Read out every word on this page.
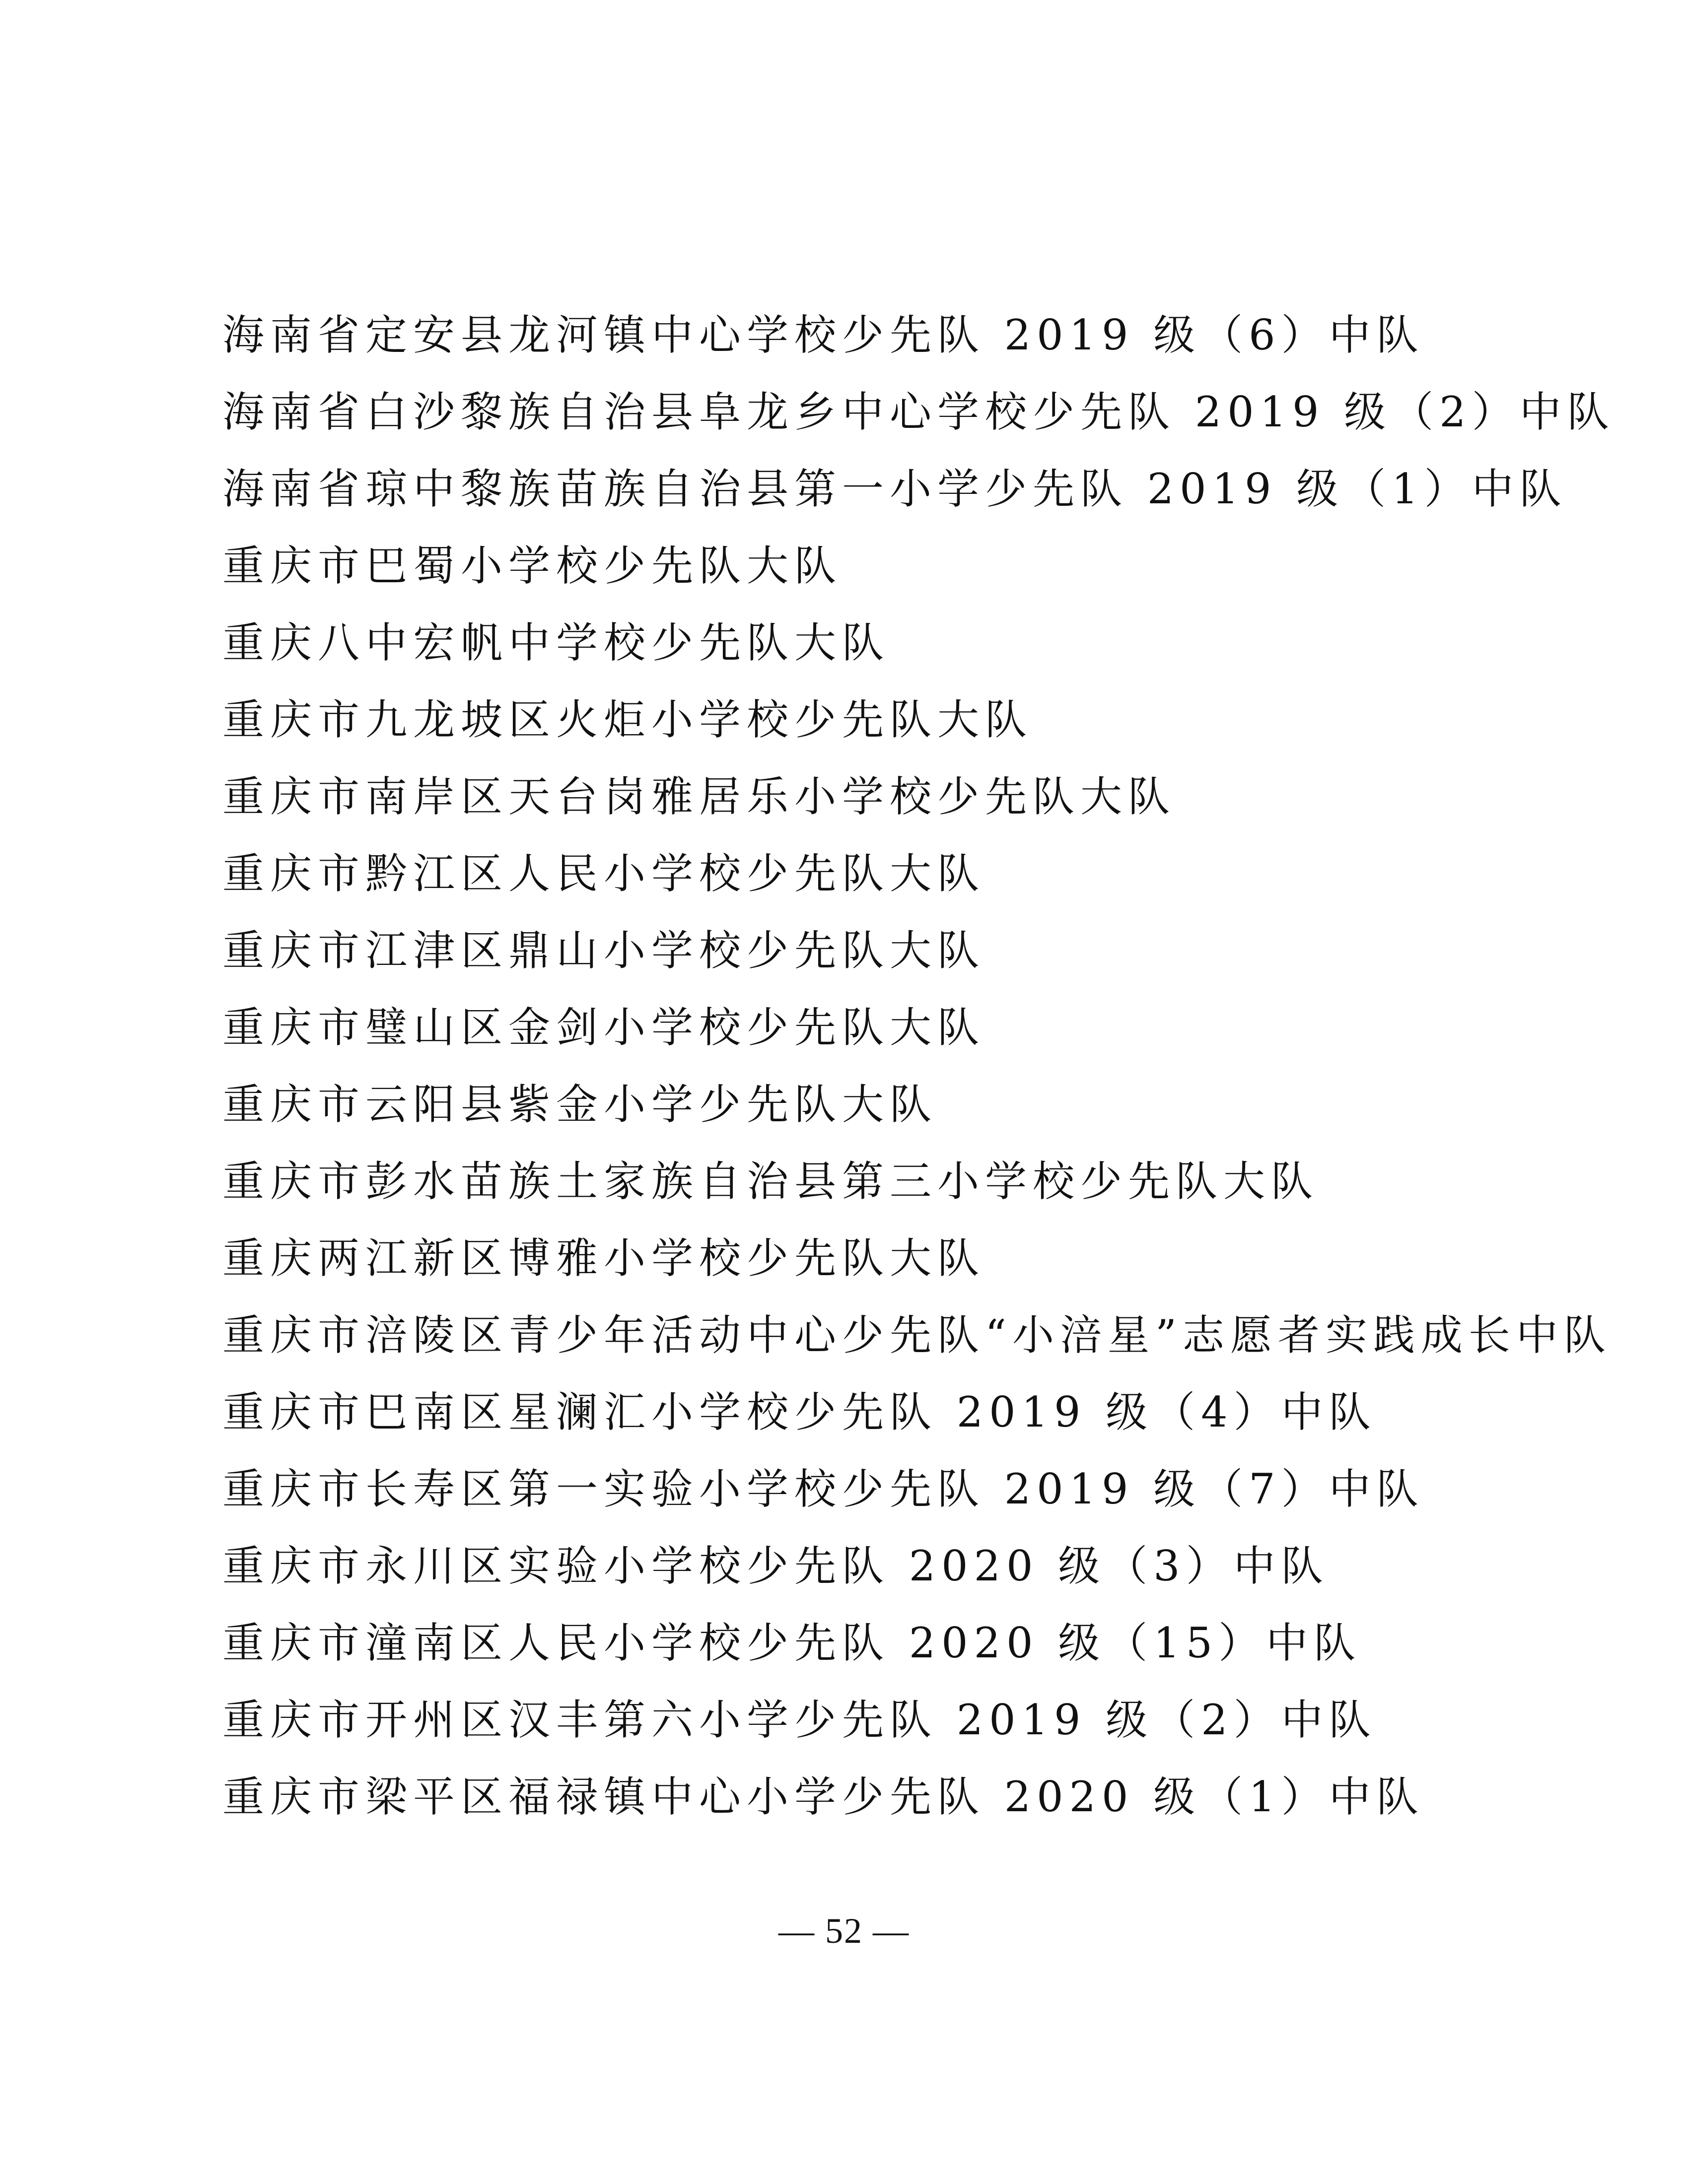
海南省定安县龙河镇中心学校少先队 2019 级（6）中队
海南省白沙黎族自治县阜龙乡中心学校少先队 2019 级（2）中队
海南省琼中黎族苗族自治县第一小学少先队 2019 级（1）中队
重庆市巴蜀小学校少先队大队
重庆八中宏帆中学校少先队大队
重庆市九龙坡区火炬小学校少先队大队
重庆市南岸区天台岗雅居乐小学校少先队大队
重庆市黔江区人民小学校少先队大队
重庆市江津区鼎山小学校少先队大队
重庆市璧山区金剑小学校少先队大队
重庆市云阳县紫金小学少先队大队
重庆市彭水苗族土家族自治县第三小学校少先队大队
重庆两江新区博雅小学校少先队大队
重庆市涪陵区青少年活动中心少先队“小涪星”志愿者实践成长中队
重庆市巴南区星澜汇小学校少先队 2019 级（4）中队
重庆市长寿区第一实验小学校少先队 2019 级（7）中队
重庆市永川区实验小学校少先队 2020 级（3）中队
重庆市潼南区人民小学校少先队 2020 级（15）中队
重庆市开州区汉丰第六小学少先队 2019 级（2）中队
重庆市梁平区福禄镇中心小学少先队 2020 级（1）中队
— 52 —
